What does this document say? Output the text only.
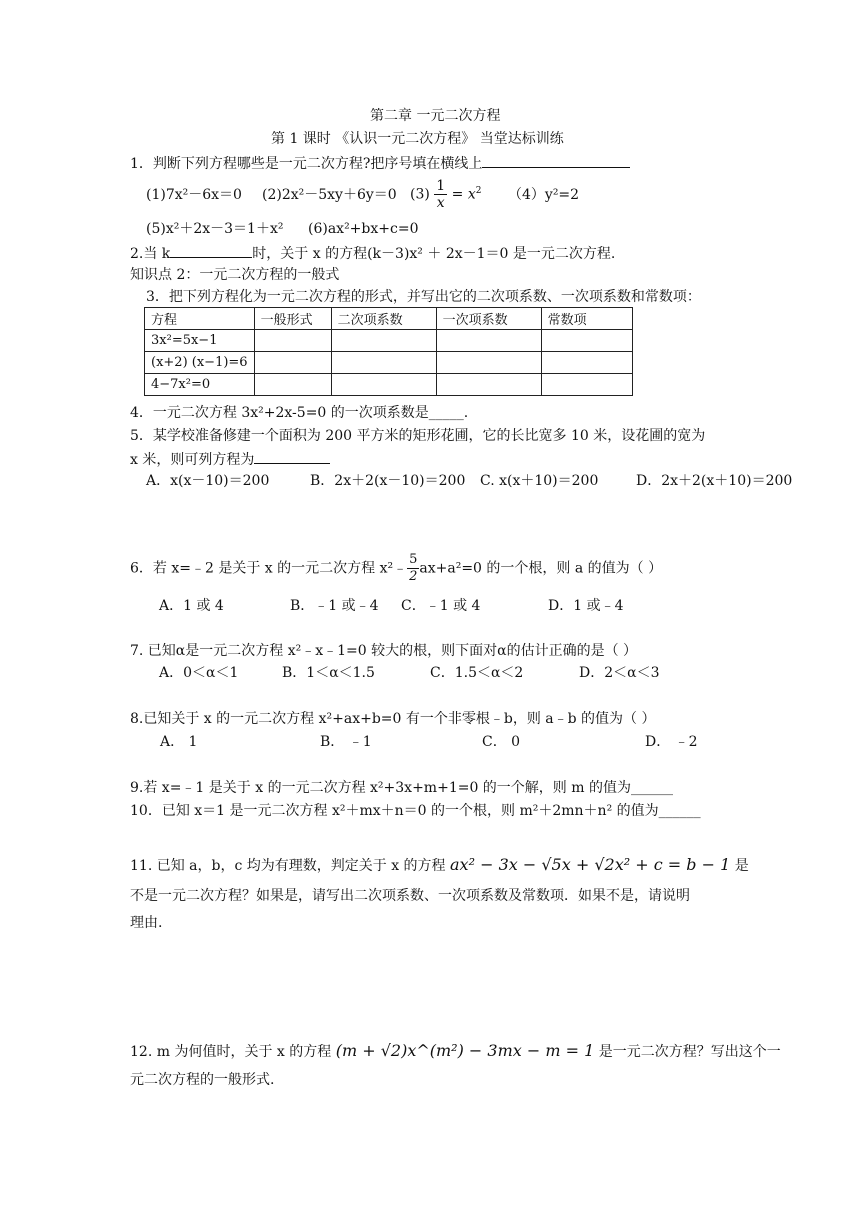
第二章 一元二次方程
第 1 课时 《认识一元二次方程》 当堂达标训练
1．判断下列方程哪些是一元二次方程?把序号填在横线上
(1)7x²－6x＝0 (2)2x²－5xy＋6y＝0 $(3) \frac{1}{x} = x^2$ （4）y²=2
(5)x²＋2x－3＝1＋x² (6)ax²+bx+c=0
2.当 k	时，关于 x 的方程(k－3)x² ＋ 2x－1＝0 是一元二次方程.
知识点 2：一元二次方程的一般式
3．把下列方程化为一元二次方程的形式，并写出它的二次项系数、一次项系数和常数项：
方程	一般形式	二次项系数	一次项系数	常数项
3x²=5x−1				
(x+2) (x−1)=6				
4−7x²=0				
4．一元二次方程 3x²+2x-5=0 的一次项系数是_____.
5．某学校准备修建一个面积为 200 平方米的矩形花圃，它的长比宽多 10 米，设花圃的宽为
x 米，则可列方程为
A．x(x－10)＝200	B．2x＋2(x－10)＝200 C. x(x＋10)＝200	D．2x＋2(x＋10)＝200
6．若 x=﹣2 是关于 x 的一元二次方程 x²﹣ $\frac{5}{2} ax+a^2=0$ 的一个根，则 a 的值为（ ）
A．1 或 4	B．﹣1 或﹣4 C．﹣1 或 4	D．1 或﹣4
7. 已知α是一元二次方程 x²﹣x﹣1=0 较大的根，则下面对α的估计正确的是（ ）
A．0＜α＜1	B．1＜α＜1.5	C．1.5＜α＜2	D．2＜α＜3
8.已知关于 x 的一元二次方程 x²+ax+b=0 有一个非零根﹣b，则 a﹣b 的值为（ ）
A． 1	B． ﹣1	C． 0	D． ﹣2
9.若 x=﹣1 是关于 x 的一元二次方程 x²+3x+m+1=0 的一个解，则 m 的值为______
10．已知 x＝1 是一元二次方程 x²＋mx＋n＝0 的一个根，则 m²＋2mn＋n² 的值为______
11. 已知 a，b，c 均为有理数，判定关于 x 的方程 ax² − 3x − √5x + √2x² + c = b − 1 是
不是一元二次方程？如果是，请写出二次项系数、一次项系数及常数项．如果不是，请说明
理由.
12. m 为何值时，关于 x 的方程 (m + √2)x^(m²) − 3mx − m = 1 是一元二次方程？写出这个一
元二次方程的一般形式.
